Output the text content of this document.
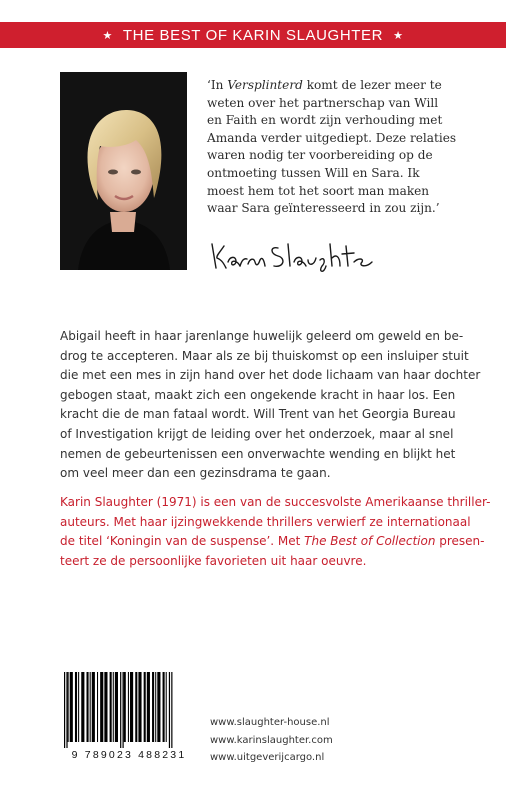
★ THE BEST OF KARIN SLAUGHTER ★

‘In Versplinterd komt de lezer meer te

weten over het partnerschap van Will

en Faith en wordt zijn verhouding met

Amanda verder uitgediept. Deze relaties

waren nodig ter voorbereiding op de

ontmoeting tussen Will en Sara. Ik

moest hem tot het soort man maken

waar Sara geïnteresseerd in zou zijn.’

Abigail heeft in haar jarenlange huwelijk geleerd om geweld en be-
drog te accepteren. Maar als ze bij thuiskomst op een insluiper stuit
die met een mes in zijn hand over het dode lichaam van haar dochter
gebogen staat, maakt zich een ongekende kracht in haar los. Een
kracht die de man fataal wordt. Will Trent van het Georgia Bureau
of Investigation krijgt de leiding over het onderzoek, maar al snel
nemen de gebeurtenissen een onverwachte wending en blijkt het
om veel meer dan een gezinsdrama te gaan.
Karin Slaughter (1971) is een van de succesvolste Amerikaanse thriller-
auteurs. Met haar ijzingwekkende thrillers verwierf ze internationaal
de titel ‘Koningin van de suspense’. Met The Best of Collection presen-
teert ze de persoonlijke favorieten uit haar oeuvre.
9 789023 488231
www.slaughter-house.nl
www.karinslaughter.com
www.uitgeverijcargo.nl
